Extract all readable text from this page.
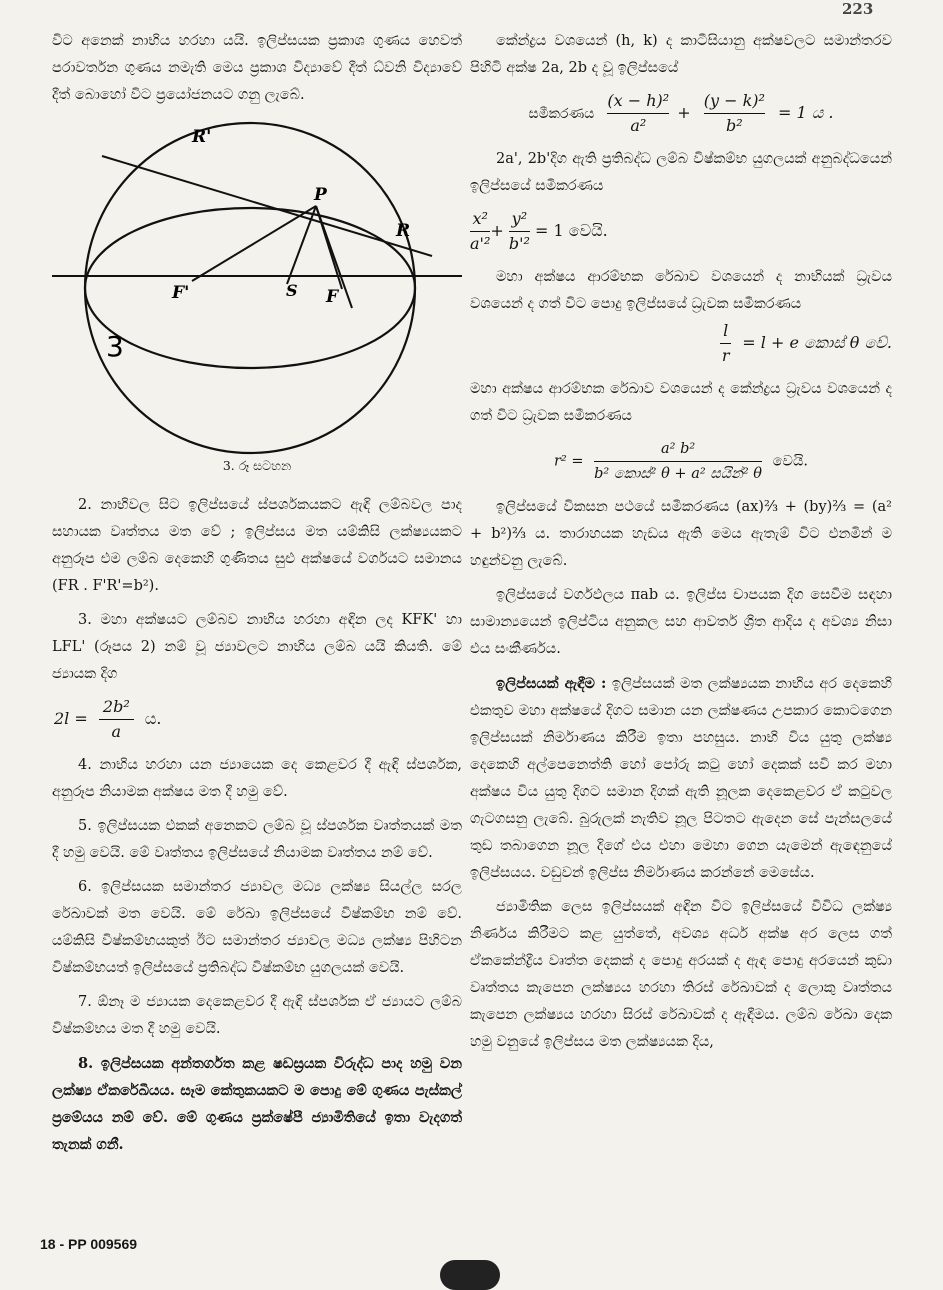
223

විට අනෙක් නාභිය හරහා යයි. ඉලිප්සයක ප්‍රකාශ ගුණය හෙවත් පරාවර්තන ගුණය නමැති මෙය ප්‍රකාශ විද්‍යාවේ දීත් ධ්වනි විද්‍යාවේ දීත් බොහෝ විට ප්‍රයෝජනයට ගනු ලැබේ.

R'
P
R
F'	S F
3
3. රූ සටහන

2. නාභිවල සිට ඉලිප්සයේ ස්පර්ශකයකට ඇඳි ලම්බවල පාද සහායක වෘත්තය මත වේ ; ඉලිප්සය මත යම්කිසි ලක්ෂ්‍යයකට අනුරූප එම ලම්බ දෙකෙහි ගුණිතය සුළු අක්ෂයේ වර්ගයට සමානය (FR . F'R'=b²).

3. මහා අක්ෂයට ලම්බව නාභිය හරහා අඳින ලද KFK' හා LFL' (රූපය 2) නම් වූ ජ්‍යාවලට නාභිය ලම්බ යයි කියති. මේ ජ්‍යායක දිග

$2l = \frac{\text{2b²}}{a}$ ය.

4. නාභිය හරහා යන ජ්‍යායෙක දෙ කෙළවර දී ඇඳි ස්පර්ශක, අනුරූප නියාමක අක්ෂය මත දී හමු වේ.

5. ඉලිප්සයක එකක් අනෙකට ලම්බ වූ ස්පර්ශක වෘත්තයක් මත දී හමු වෙයි. මේ වෘත්තය ඉලිප්සයේ නියාමක වෘත්තය නම් වේ.

6. ඉලිප්සයක සමාන්තර ජ්‍යාවල මධ්‍ය ලක්ෂ්‍ය සියල්ල සරල රේඛාවක් මත වෙයි. මේ රේඛා ඉලිප්සයේ විෂ්කම්භ නම් වේ. යම්කිසි විෂ්කම්භයකුත් ඊට සමාන්තර ජ්‍යාවල මධ්‍ය ලක්ෂ්‍ය පිහිටන විෂ්කම්භයත් ඉලිප්සයේ ප්‍රතිබද්ධ විෂ්කම්භ යුගලයක් වෙයි.

7. ඕනෑ ම ජ්‍යායක දෙකෙළවර දී ඇඳි ස්පර්ශක ඒ ජ්‍යායට ලම්බ විෂ්කම්භය මත දී හමු වෙයි.

8. ඉලිප්සයක අන්තර්ගත කළ ෂඩස්‍රයක විරුද්ධ පාද හමු වන ලක්ෂ්‍ය ඒකරේඛීයය. සෑම කේතුකයකට ම පොදු මේ ගුණය පැස්කල් ප්‍රමේයය නම් වේ. මේ ගුණය ප්‍රක්ෂේපී ජ්‍යාමිතියේ ඉතා වැදගත් තැනක් ගනී.

කේන්ද්‍රය වශයෙන් (h, k) ද කාටීසියානු අක්ෂවලට සමාන්තරව පිහිටි අක්ෂ 2a, 2b ද වූ ඉලිප්සයේ

සමීකරණය $\frac{\text{(x − h)²}}{\text{a²}} + \frac{\text{(y − k)²}}{\text{b²}} = 1$ ය .

2a', 2b'දිග ඇති ප්‍රතිබද්ධ ලම්බ විෂ්කම්භ යුගලයක් අනුබද්ධයෙන් ඉලිප්සයේ සමීකරණය

$\frac{\text{x²}}{\text{a'²}} + \frac{\text{y²}}{\text{b'²}} = 1$ වෙයි.

මහා අක්ෂය ආරම්භක රේඛාව වශයෙන් ද නාභියක් ධ්‍රැවය වශයෙන් ද ගත් විට පොදු ඉලිප්සයේ ධ්‍රැවක සමීකරණය

$\frac{l}{r} = l + e$ කොස් θ වේ.

මහා අක්ෂය ආරම්භක රේඛාව වශයෙන් ද කේන්ද්‍රය ධ්‍රැවය වශයෙන් ද ගත් විට ධ්‍රැවක සමීකරණය

r² =
a² b²
b² කොස්² θ + a² සයින්² θ
වෙයි.

ඉලිප්සයේ විකසන පථයේ සමීකරණය (ax)⅔ + (by)⅔ = (a² + b²)⅔ ය. තාරාහයක හැඩය ඇති මෙය ඇතැම් විට එනමින් ම හඳුන්වනු ලැබේ.

ඉලිප්සයේ වර්ගඵලය πab ය. ඉලිප්ස චාපයක දිග සෙවීම සඳහා සාමාන්‍යයෙන් ඉලිප්ටිය අනුකල සහ ආවර්ත ශ්‍රිත ආදිය ද අවශ්‍ය නිසා එය සංකීර්ණය.

ඉලිප්සයක් ඇඳීම : ඉලිප්සයක් මත ලක්ෂ්‍යයක නාභිය අර දෙකෙහි එකතුව මහා අක්ෂයේ දිගට සමාන යන ලක්ෂණය උපකාර කොටගෙන ඉලිප්සයක් නිර්මාණය කිරීම ඉතා පහසුය. නාභි විය යුතු ලක්ෂ්‍ය දෙකෙහි අල්පෙනෙත්ති හෝ පෝරු කටු හෝ දෙකක් සවි කර මහා අක්ෂය විය යුතු දිගට සමාන දිගක් ඇති නූලක දෙකෙළවර ඒ කටුවල ගැටගසනු ලැබේ. බුරුලක් නැතිව නූල පිටතට ඇදෙන සේ පැන්සලයේ තුඩ තබාගෙන නූල දිගේ එය එහා මෙහා ගෙන යැමෙන් ඇඳෙනුයේ ඉලිප්සයය. වඩුවන් ඉලිප්ස නිර්මාණය කරන්නේ මෙසේය.

ජ්‍යාමිතික ලෙස ඉලිප්සයක් අඳින විට ඉලිප්සයේ විවිධ ලක්ෂ්‍ය නිර්ණය කිරීමට කළ යුත්තේ, අවශ්‍ය අර්ධ අක්ෂ අර ලෙස ගත් ඒකකේන්ද්‍රීය වෘත්ත දෙකක් ද පොදු අරයක් ද ඇඳ පොදු අරයෙන් කුඩා වෘත්තය කැපෙන ලක්ෂ්‍යය හරහා තිරස් රේඛාවක් ද ලොකු වෘත්තය කැපෙන ලක්ෂ්‍යය හරහා සිරස් රේඛාවක් ද ඇඳීමය. ලම්බ රේඛා දෙක හමු වනුයේ ඉලිප්සය මත ලක්ෂ්‍යයක දිය,

18 - PP 009569
